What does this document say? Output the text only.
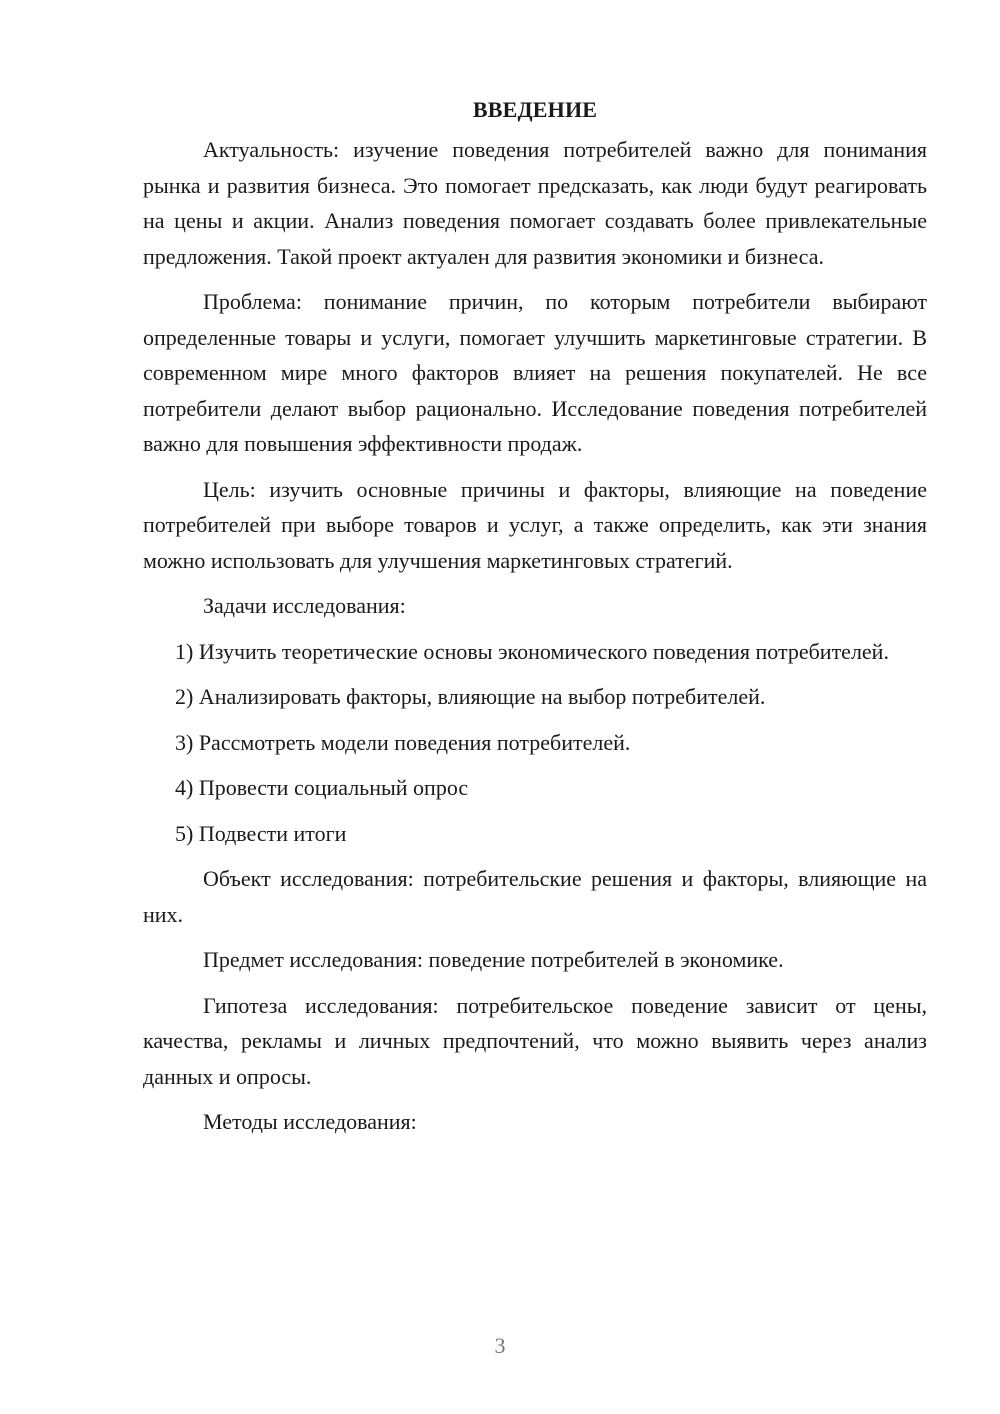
ВВЕДЕНИЕ

Актуальность: изучение поведения потребителей важно для понимания рынка и развития бизнеса. Это помогает предсказать, как люди будут реагировать на цены и акции. Анализ поведения помогает создавать более привлекательные предложения. Такой проект актуален для развития экономики и бизнеса.

Проблема: понимание причин, по которым потребители выбирают определенные товары и услуги, помогает улучшить маркетинговые стратегии. В современном мире много факторов влияет на решения покупателей. Не все потребители делают выбор рационально. Исследование поведения потребителей важно для повышения эффективности продаж.

Цель: изучить основные причины и факторы, влияющие на поведение потребителей при выборе товаров и услуг, а также определить, как эти знания можно использовать для улучшения маркетинговых стратегий.

Задачи исследования:

1) Изучить теоретические основы экономического поведения потребителей.

2) Анализировать факторы, влияющие на выбор потребителей.

3) Рассмотреть модели поведения потребителей.

4) Провести социальный опрос

5) Подвести итоги

Объект исследования: потребительские решения и факторы, влияющие на них.

Предмет исследования: поведение потребителей в экономике.

Гипотеза исследования: потребительское поведение зависит от цены, качества, рекламы и личных предпочтений, что можно выявить через анализ данных и опросы.

Методы исследования:

3
